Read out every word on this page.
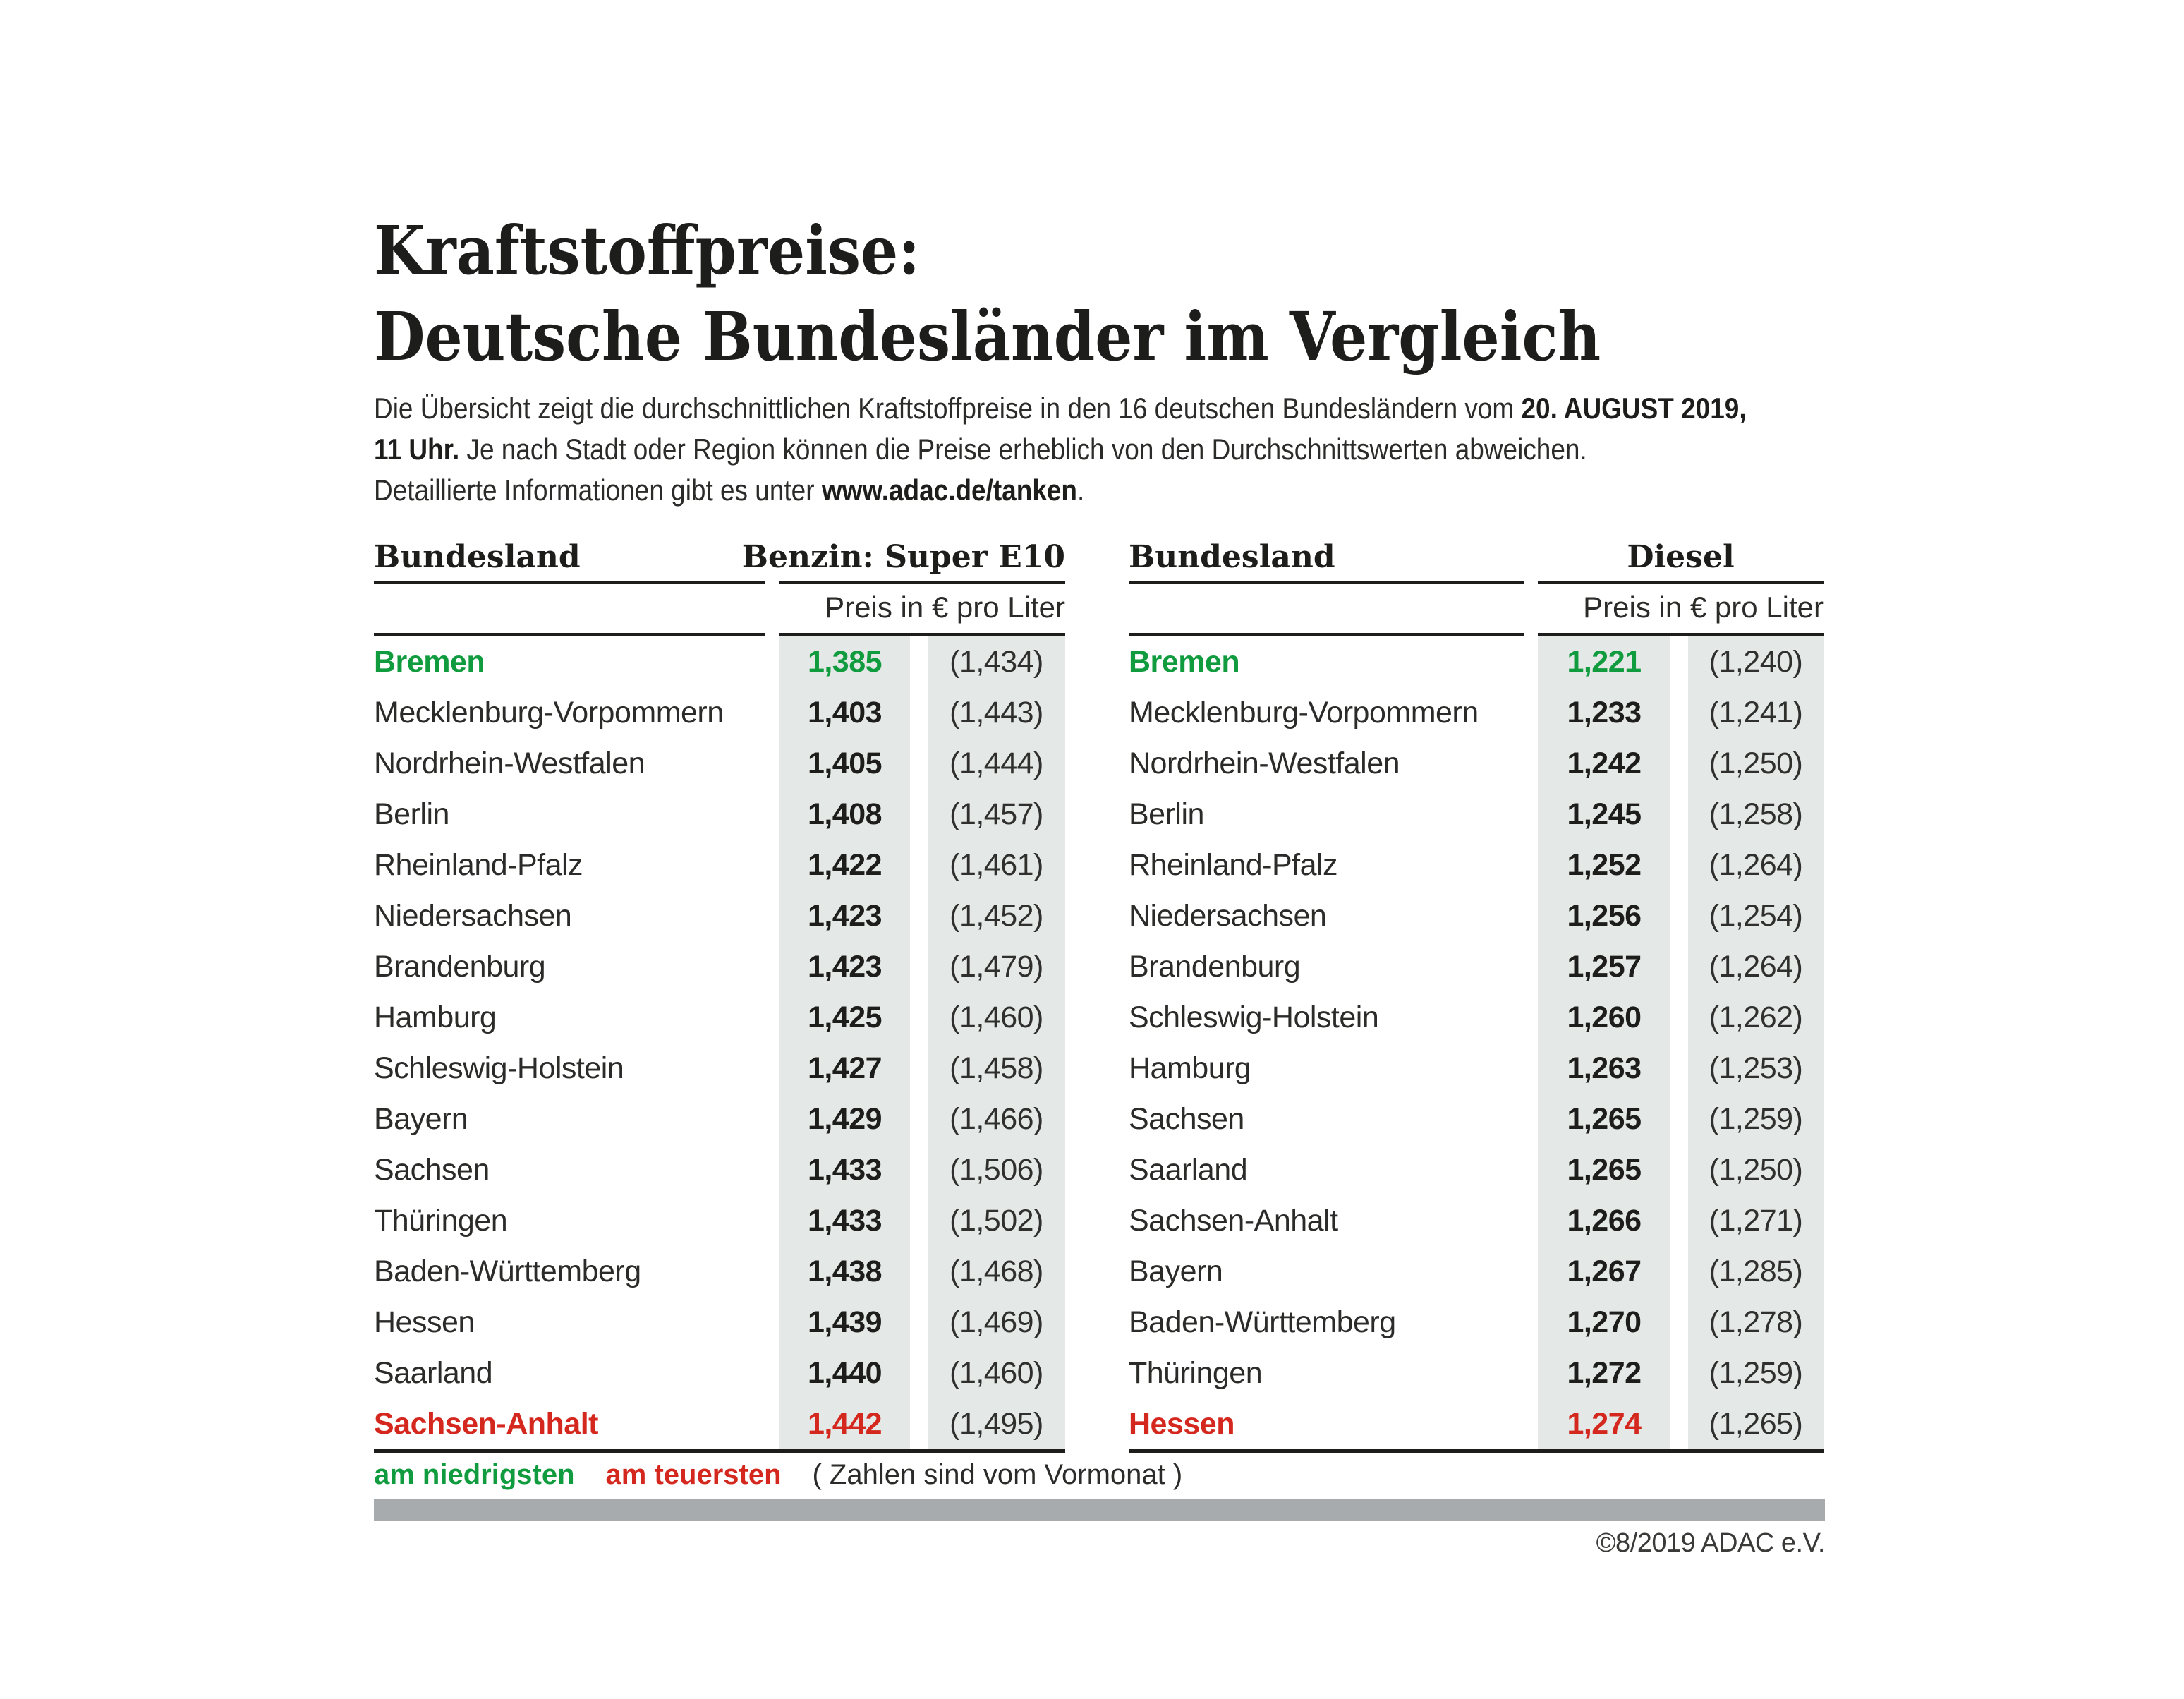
Kraftstoffpreise:
Deutsche Bundesländer im Vergleich
Die Übersicht zeigt die durchschnittlichen Kraftstoffpreise in den 16 deutschen Bundesländern vom 20. AUGUST 2019,
11 Uhr. Je nach Stadt oder Region können die Preise erheblich von den Durchschnittswerten abweichen.
Detaillierte Informationen gibt es unter www.adac.de/tanken.
Bundesland	Benzin: Super E10
Preis in € pro Liter
Bremen	1,385	(1,434)
Mecklenburg-Vorpommern	1,403	(1,443)
Nordrhein-Westfalen	1,405	(1,444)
Berlin	1,408	(1,457)
Rheinland-Pfalz	1,422	(1,461)
Niedersachsen	1,423	(1,452)
Brandenburg	1,423	(1,479)
Hamburg	1,425	(1,460)
Schleswig-Holstein	1,427	(1,458)
Bayern	1,429	(1,466)
Sachsen	1,433	(1,506)
Thüringen	1,433	(1,502)
Baden-Württemberg	1,438	(1,468)
Hessen	1,439	(1,469)
Saarland	1,440	(1,460)
Sachsen-Anhalt	1,442	(1,495)
Bundesland	Diesel
Preis in € pro Liter
Bremen	1,221	(1,240)
Mecklenburg-Vorpommern	1,233	(1,241)
Nordrhein-Westfalen	1,242	(1,250)
Berlin	1,245	(1,258)
Rheinland-Pfalz	1,252	(1,264)
Niedersachsen	1,256	(1,254)
Brandenburg	1,257	(1,264)
Schleswig-Holstein	1,260	(1,262)
Hamburg	1,263	(1,253)
Sachsen	1,265	(1,259)
Saarland	1,265	(1,250)
Sachsen-Anhalt	1,266	(1,271)
Bayern	1,267	(1,285)
Baden-Württemberg	1,270	(1,278)
Thüringen	1,272	(1,259)
Hessen	1,274	(1,265)
am niedrigsten am teuersten ( Zahlen sind vom Vormonat )
©8/2019 ADAC e.V.
